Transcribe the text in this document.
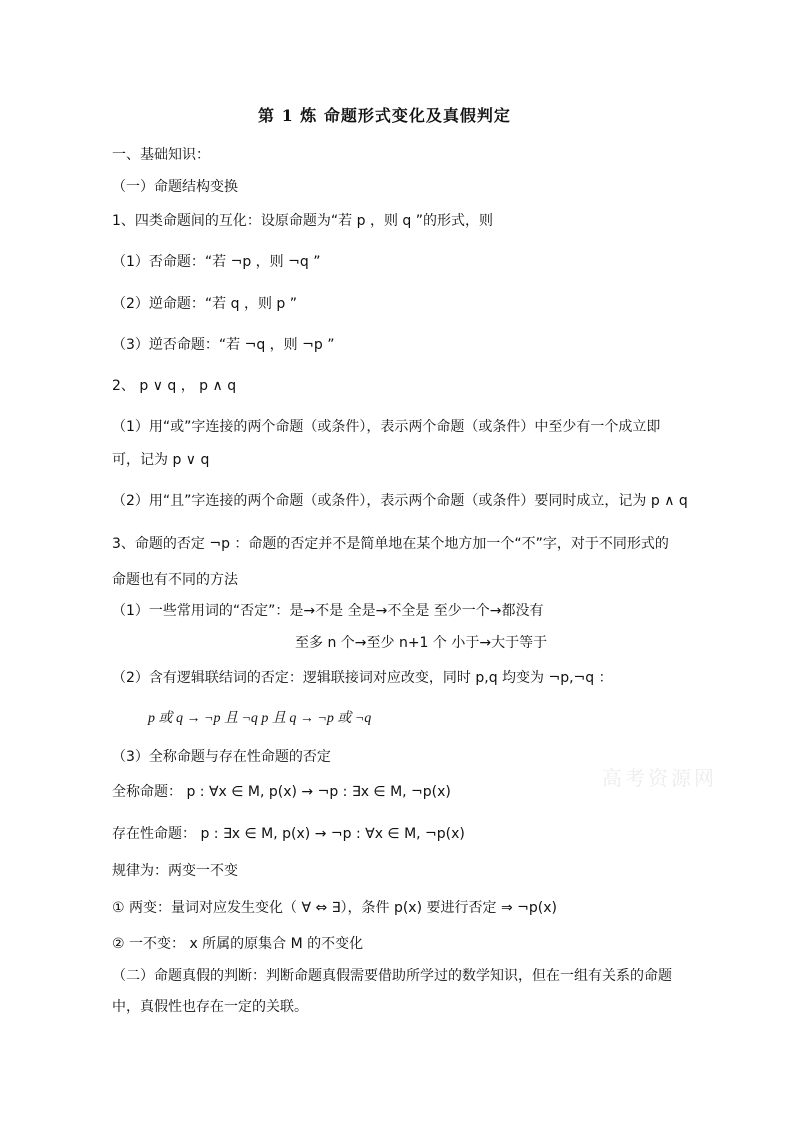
第 1 炼 命题形式变化及真假判定
一、基础知识：
（一）命题结构变换
1、四类命题间的互化：设原命题为“若 p ，则 q ”的形式，则
（1）否命题：“若 ¬p ，则 ¬q ”
（2）逆命题：“若 q ，则 p ”
（3）逆否命题：“若 ¬q ，则 ¬p ”
2、 p ∨ q ， p ∧ q
（1）用“或”字连接的两个命题（或条件），表示两个命题（或条件）中至少有一个成立即
可，记为 p ∨ q
（2）用“且”字连接的两个命题（或条件），表示两个命题（或条件）要同时成立，记为 p ∧ q
3、命题的否定 ¬p ：命题的否定并不是简单地在某个地方加一个“不”字，对于不同形式的
命题也有不同的方法
（1）一些常用词的“否定”：是→不是 全是→不全是 至少一个→都没有
至多 n 个→至少 n+1 个 小于→大于等于
（2）含有逻辑联结词的否定：逻辑联接词对应改变，同时 p,q 均变为 ¬p,¬q ：
p 或 q → ¬p 且 ¬q p 且 q → ¬p 或 ¬q
（3）全称命题与存在性命题的否定
全称命题： p : ∀x ∈ M, p(x) → ¬p : ∃x ∈ M, ¬p(x)
存在性命题： p : ∃x ∈ M, p(x) → ¬p : ∀x ∈ M, ¬p(x)
规律为：两变一不变
① 两变：量词对应发生变化（ ∀ ⇔ ∃），条件 p(x) 要进行否定 ⇒ ¬p(x)
② 一不变： x 所属的原集合 M 的不变化
（二）命题真假的判断：判断命题真假需要借助所学过的数学知识，但在一组有关系的命题
中，真假性也存在一定的关联。
高考资源网
